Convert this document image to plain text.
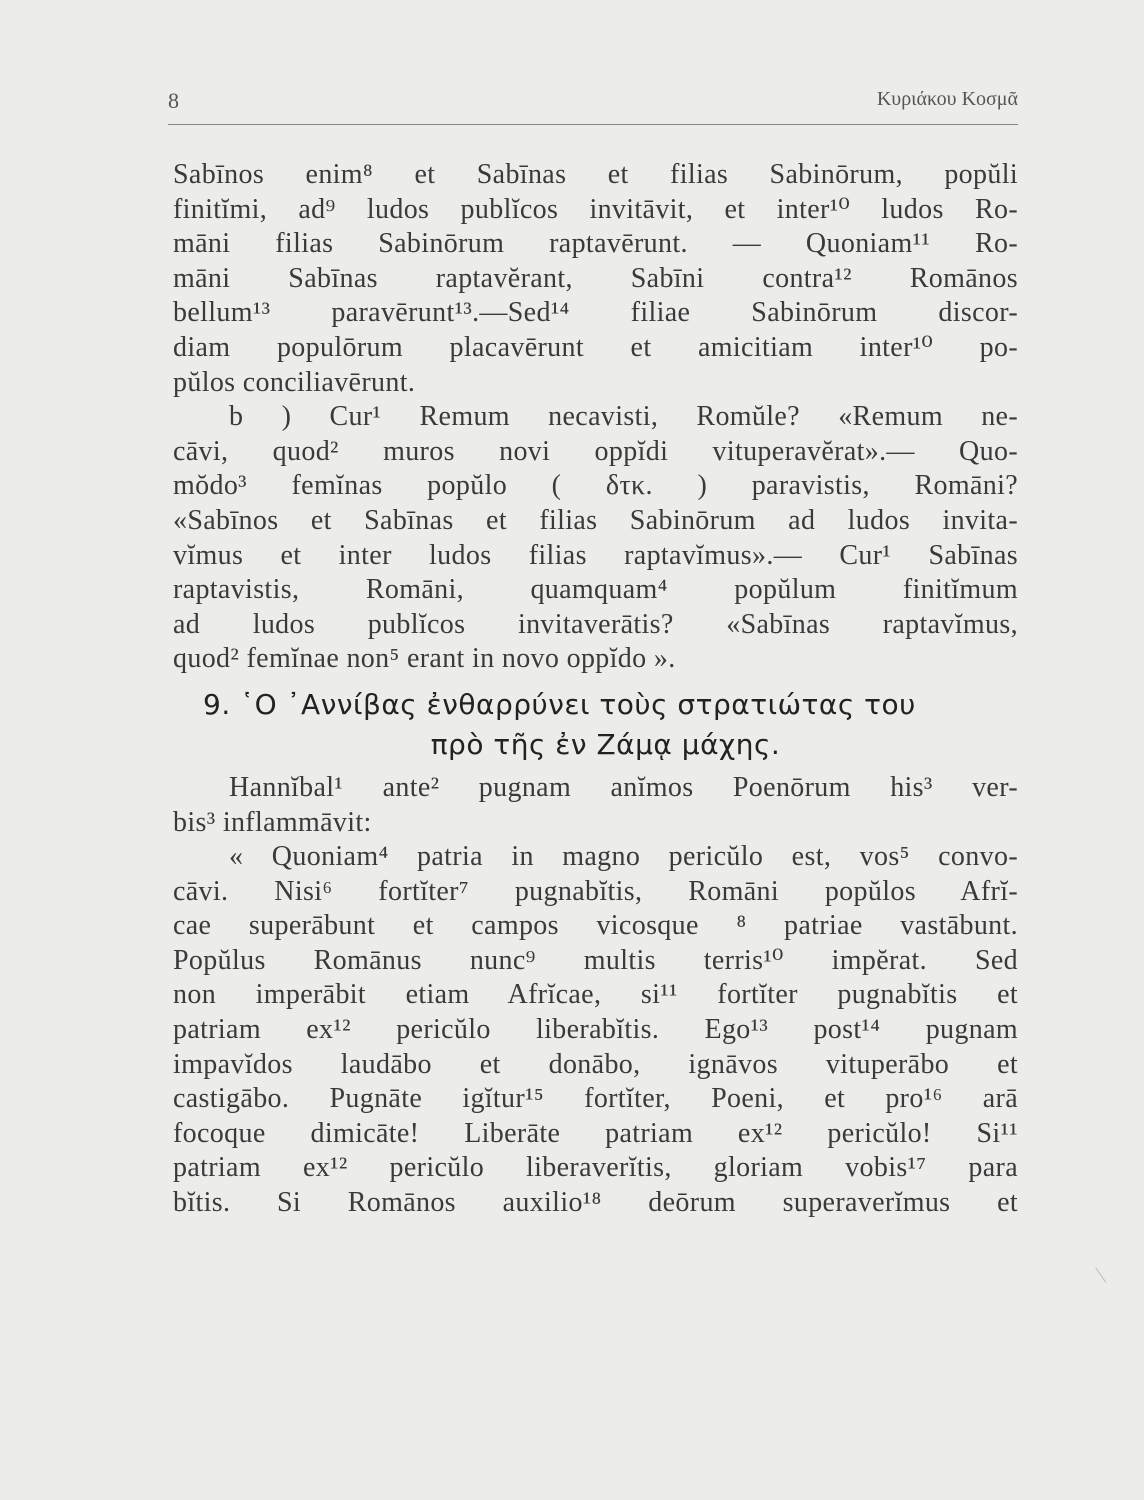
8	Κυριάκου Κοσμᾶ
Sabīnos enim⁸ et Sabīnas et filias Sabinōrum, popŭli
finitĭmi, ad⁹ ludos publĭcos invitāvit, et inter¹⁰ ludos Ro-
māni filias Sabinōrum raptavērunt. — Quoniam¹¹ Ro-
māni Sabīnas raptavĕrant, Sabīni contra¹² Romānos
bellum¹³ paravērunt¹³.—Sed¹⁴ filiae Sabinōrum discor-
diam populōrum placavērunt et amicitiam inter¹⁰ po-
pŭlos conciliavērunt.
b ) Cur¹ Remum necavisti, Romŭle? «Remum ne-
cāvi, quod² muros novi oppĭdi vituperavĕrat».— Quo-
mŏdo³ femĭnas popŭlo ( δτκ. ) paravistis, Romāni?
«Sabīnos et Sabīnas et filias Sabinōrum ad ludos invita-
vĭmus et inter ludos filias raptavĭmus».— Cur¹ Sabīnas
raptavistis, Romāni, quamquam⁴ popŭlum finitĭmum
ad ludos publĭcos invitaverātis? «Sabīnas raptavĭmus,
quod² femĭnae non⁵ erant in novo oppĭdo ».
9. ῾Ο ᾿Αννίβας ἐνθαρρύνει τοὺς στρατιώτας του
πρὸ τῆς ἐν Ζάμᾳ μάχης.
Hannĭbal¹ ante² pugnam anĭmos Poenōrum his³ ver-
bis³ inflammāvit:
« Quoniam⁴ patria in magno pericŭlo est, vos⁵ convo-
cāvi. Nisi⁶ fortĭter⁷ pugnabĭtis, Romāni popŭlos Afrĭ-
cae superābunt et campos vicosque ⁸ patriae vastābunt.
Popŭlus Romānus nunc⁹ multis terris¹⁰ impĕrat. Sed
non imperābit etiam Afrĭcae, si¹¹ fortĭter pugnabĭtis et
patriam ex¹² pericŭlo liberabĭtis. Ego¹³ post¹⁴ pugnam
impavĭdos laudābo et donābo, ignāvos vituperābo et
castigābo. Pugnāte igĭtur¹⁵ fortĭter, Poeni, et pro¹⁶ arā
focoque dimicāte! Liberāte patriam ex¹² pericŭlo! Si¹¹
patriam ex¹² pericŭlo liberaverĭtis, gloriam vobis¹⁷ para
bĭtis. Si Romānos auxilio¹⁸ deōrum superaverĭmus et
